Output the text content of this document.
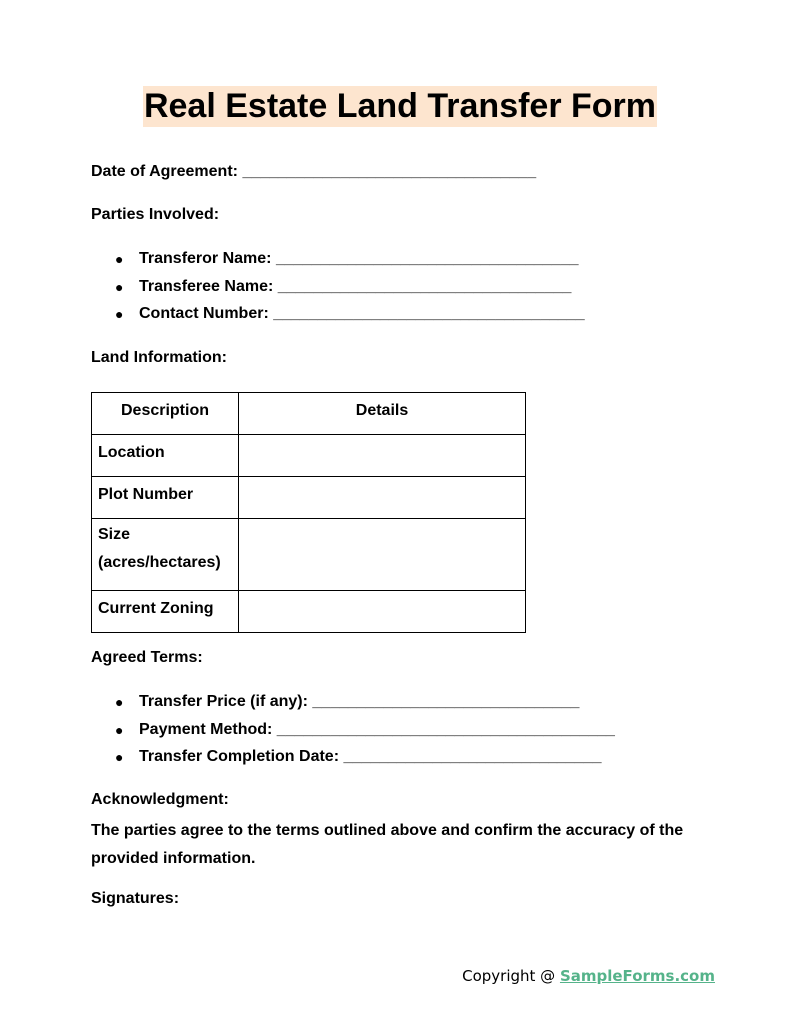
Real Estate Land Transfer Form
Date of Agreement: _________________________________
Parties Involved:
● Transferor Name: __________________________________
● Transferee Name: _________________________________
● Contact Number: ___________________________________
Land Information:
Description	Details
Location	
Plot Number	
Size (acres/hectares)	
Current Zoning	
Agreed Terms:
● Transfer Price (if any): ______________________________
● Payment Method: ______________________________________
● Transfer Completion Date: _____________________________
Acknowledgment:
The parties agree to the terms outlined above and confirm the accuracy of the provided information.
Signatures:
Copyright @ SampleForms.com
